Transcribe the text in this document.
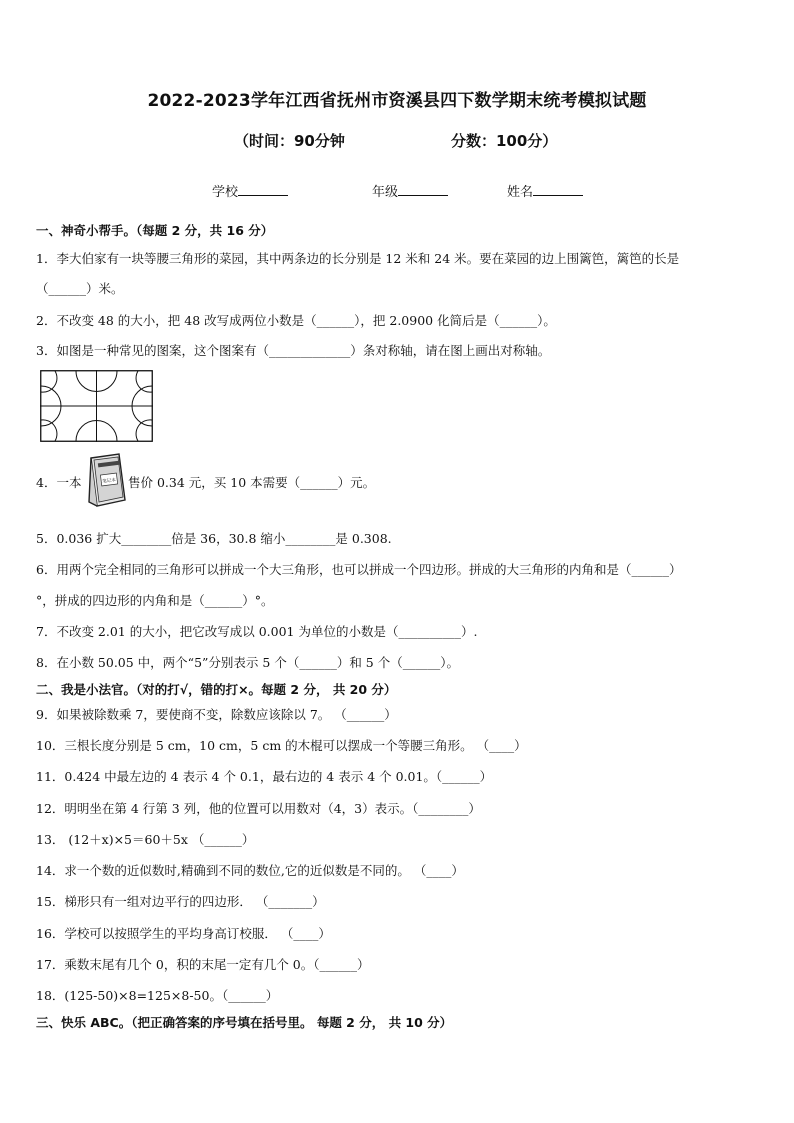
2022-2023学年江西省抚州市资溪县四下数学期末统考模拟试题
（时间：90分钟	分数：100分）
学校	年级	姓名
一、神奇小帮手。（每题 2 分，共 16 分）
1．李大伯家有一块等腰三角形的菜园，其中两条边的长分别是 12 米和 24 米。要在菜园的边上围篱笆，篱笆的长是
（______）米。
2．不改变 48 的大小，把 48 改写成两位小数是（______），把 2.0900 化简后是（______）。
3．如图是一种常见的图案，这个图案有（_____________）条对称轴，请在图上画出对称轴。
4．一本	笔记本 售价 0.34 元，买 10 本需要（______）元。
5．0.036 扩大________倍是 36，30.8 缩小________是 0.308.
6．用两个完全相同的三角形可以拼成一个大三角形，也可以拼成一个四边形。拼成的大三角形的内角和是（______）
°，拼成的四边形的内角和是（______）°。
7．不改变 2.01 的大小，把它改写成以 0.001 为单位的小数是（__________）.
8．在小数 50.05 中，两个“5”分别表示 5 个（______）和 5 个（______）。
二、我是小法官。（对的打√，错的打×。每题 2 分， 共 20 分）
9．如果被除数乘 7，要使商不变，除数应该除以 7。 （______）
10．三根长度分别是 5 cm，10 cm，5 cm 的木棍可以摆成一个等腰三角形。 （____）
11．0.424 中最左边的 4 表示 4 个 0.1，最右边的 4 表示 4 个 0.01。（______）
12．明明坐在第 4 行第 3 列，他的位置可以用数对（4，3）表示。（________）
13． (12＋x)×5＝60＋5x （______）
14．求一个数的近似数时,精确到不同的数位,它的近似数是不同的。 （____）
15．梯形只有一组对边平行的四边形． （_______）
16．学校可以按照学生的平均身高订校服． （____）
17．乘数末尾有几个 0，积的末尾一定有几个 0。（______）
18．(125-50)×8=125×8-50。（______）
三、快乐 ABC。（把正确答案的序号填在括号里。 每题 2 分， 共 10 分）
